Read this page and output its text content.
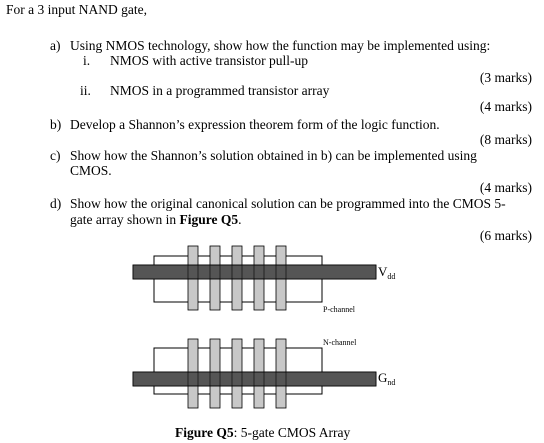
For a 3 input NAND gate,
a) Using NMOS technology, show how the function may be implemented using:
i. NMOS with active transistor pull-up
(3 marks)
ii. NMOS in a programmed transistor array
(4 marks)
b) Develop a Shannon’s expression theorem form of the logic function.
(8 marks)
c) Show how the Shannon’s solution obtained in b) can be implemented using
CMOS.
(4 marks)
d) Show how the original canonical solution can be programmed into the CMOS 5-
gate array shown in Figure Q5.
(6 marks)
$V_{dd}$
P-channel
N-channel
$G_{nd}$
Figure Q5: 5-gate CMOS Array
